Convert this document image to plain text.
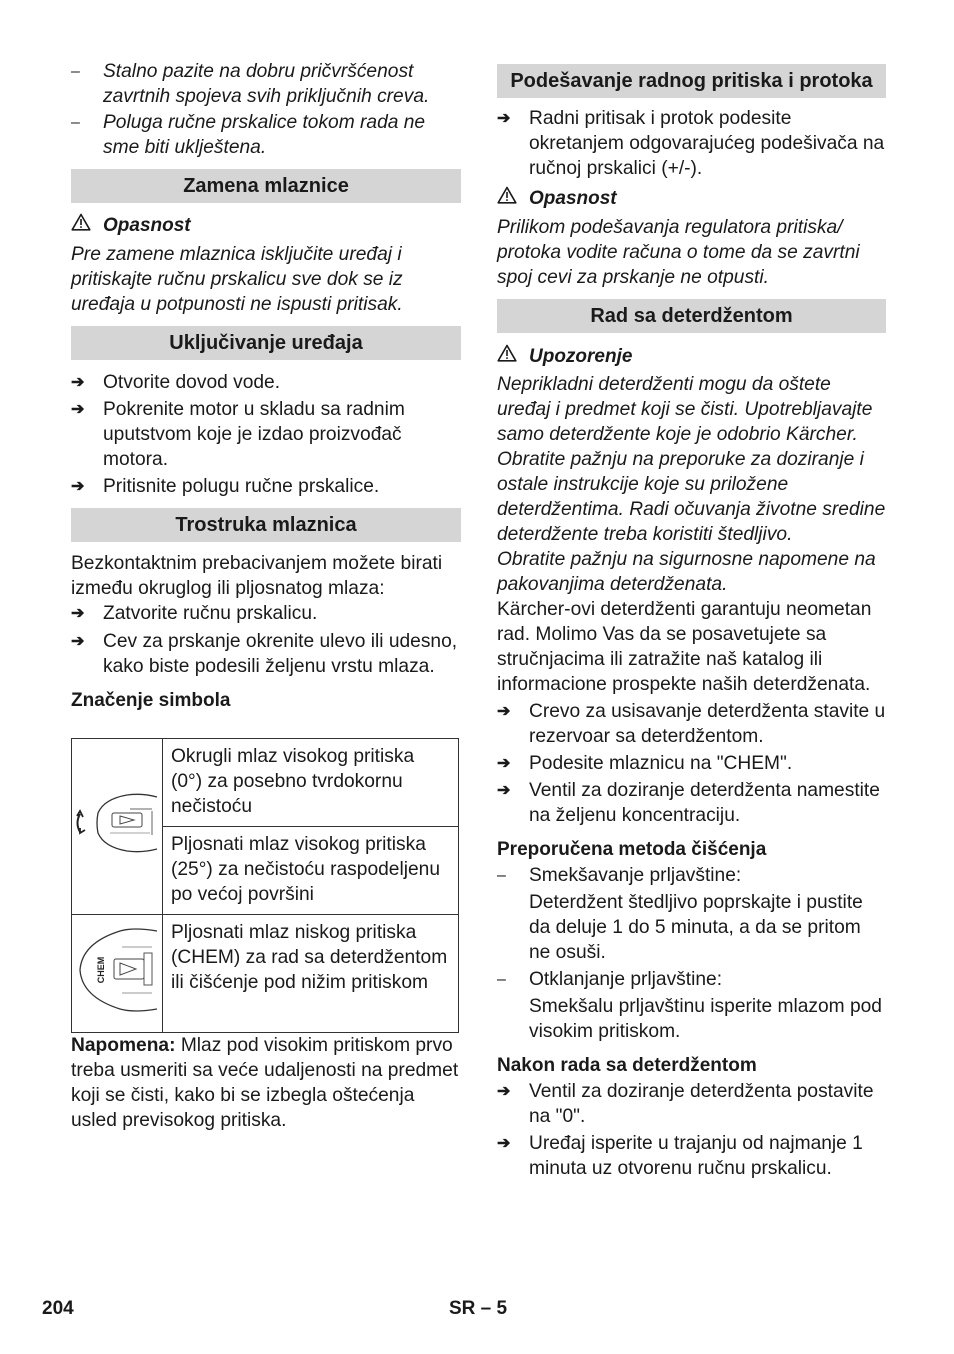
–	Stalno pazite na dobru pričvršćenost zavrtnih spojeva svih priključnih creva.
–	Poluga ručne prskalice tokom rada ne sme biti uklještena.
Zamena mlaznice
Opasnost
Pre zamene mlaznica isključite uređaj i pritiskajte ručnu prskalicu sve dok se iz uređaja u potpunosti ne ispusti pritisak.
Uključivanje uređaja
➔ Otvorite dovod vode.
➔ Pokrenite motor u skladu sa radnim uputstvom koje je izdao proizvođač motora.
➔ Pritisnite polugu ručne prskalice.
Trostruka mlaznica
Bezkontaktnim prebacivanjem možete birati između okruglog ili pljosnatog mlaza:
➔ Zatvorite ručnu prskalicu.
➔ Cev za prskanje okrenite ulevo ili udesno, kako biste podesili željenu vrstu mlaza.
Značenje simbola
	Okrugli mlaz visokog pritiska (0°) za posebno tvrdokornu nečistoću
	Pljosnati mlaz visokog pritiska (25°) za nečistoću raspodeljenu po većoj površini

CHEM	Pljosnati mlaz niskog pritiska (CHEM) za rad sa deterdžentom ili čišćenje pod nižim pritiskom
Napomena: Mlaz pod visokim pritiskom prvo treba usmeriti sa veće udaljenosti na predmet koji se čisti, kako bi se izbegla oštećenja usled previsokog pritiska.
Podešavanje radnog pritiska i protoka
➔ Radni pritisak i protok podesite okretanjem odgovarajućeg podešivača na ručnoj prskalici (+/-).
Opasnost
Prilikom podešavanja regulatora pritiska/ protoka vodite računa o tome da se zavrtni spoj cevi za prskanje ne otpusti.
Rad sa deterdžentom
Upozorenje
Neprikladni deterdženti mogu da oštete uređaj i predmet koji se čisti. Upotrebljavajte samo deterdžente koje je odobrio Kärcher. Obratite pažnju na preporuke za doziranje i ostale instrukcije koje su priložene deterdžentima. Radi očuvanja životne sredine deterdžente treba koristiti štedljivo.
Obratite pažnju na sigurnosne napomene na pakovanjima deterdženata.
Kärcher-ovi deterdženti garantuju neometan rad. Molimo Vas da se posavetujete sa stručnjacima ili zatražite naš katalog ili informacione prospekte naših deterdženata.
➔ Crevo za usisavanje deterdženta stavite u rezervoar sa deterdžentom.
➔ Podesite mlaznicu na "CHEM".
➔ Ventil za doziranje deterdženta namestite na željenu koncentraciju.
Preporučena metoda čišćenja
–	Smekšavanje prljavštine:
Deterdžent štedljivo poprskajte i pustite da deluje 1 do 5 minuta, a da se pritom ne osuši.
–	Otklanjanje prljavštine:
Smekšalu prljavštinu isperite mlazom pod visokim pritiskom.
Nakon rada sa deterdžentom
➔ Ventil za doziranje deterdženta postavite na "0".
➔ Uređaj isperite u trajanju od najmanje 1 minuta uz otvorenu ručnu prskalicu.
204	SR – 5
